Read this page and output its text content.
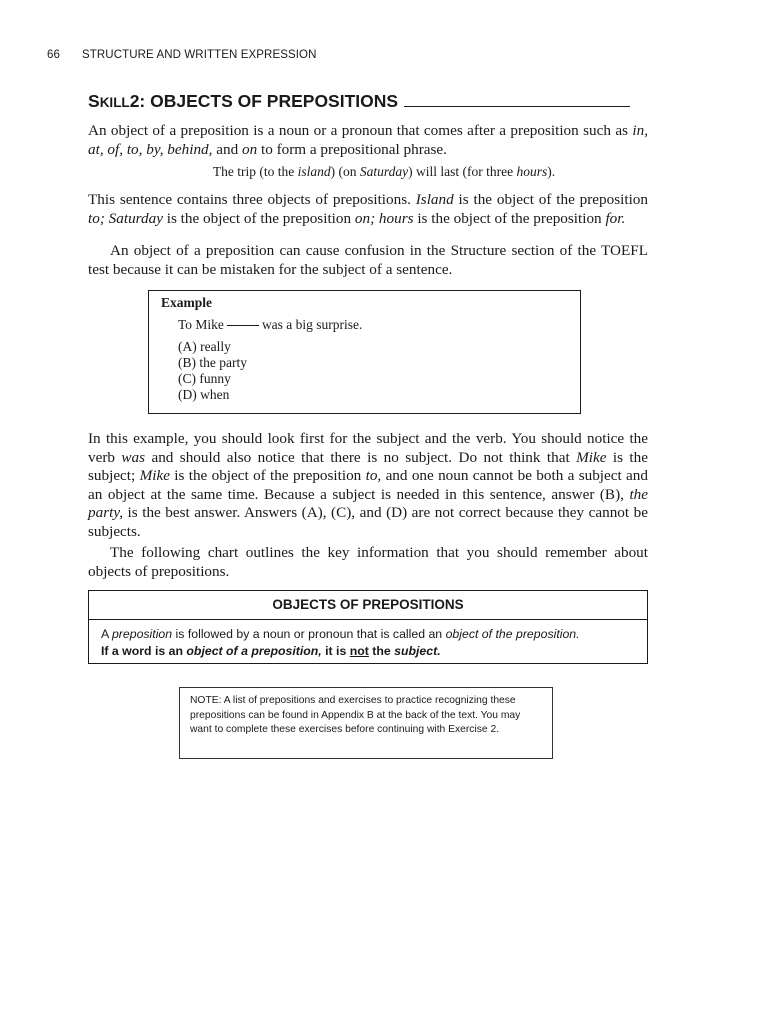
66 STRUCTURE AND WRITTEN EXPRESSION
S KILL 2: OBJECTS OF PREPOSITIONS

An object of a preposition is a noun or a pronoun that comes after a preposition such as in, at, of, to, by, behind, and on to form a prepositional phrase.

The trip (to the island) (on Saturday) will last (for three hours).

This sentence contains three objects of prepositions. Island is the object of the preposition to; Saturday is the object of the preposition on; hours is the object of the preposition for.

An object of a preposition can cause confusion in the Structure section of the TOEFL test because it can be mistaken for the subject of a sentence.

Example
To Mike	was a big surprise.
(A) really
(B) the party
(C) funny
(D) when

In this example, you should look first for the subject and the verb. You should notice the verb was and should also notice that there is no subject. Do not think that Mike is the subject; Mike is the object of the preposition to, and one noun cannot be both a subject and an object at the same time. Because a subject is needed in this sentence, answer (B), the party, is the best answer. Answers (A), (C), and (D) are not correct because they cannot be subjects.

The following chart outlines the key information that you should remember about objects of prepositions.

OBJECTS OF PREPOSITIONS
A preposition is followed by a noun or pronoun that is called an object of the preposition.
If a word is an object of a preposition, it is not the subject.
NOTE: A list of prepositions and exercises to practice recognizing these prepositions can be found in Appendix B at the back of the text. You may want to complete these exercises before continuing with Exercise 2.
